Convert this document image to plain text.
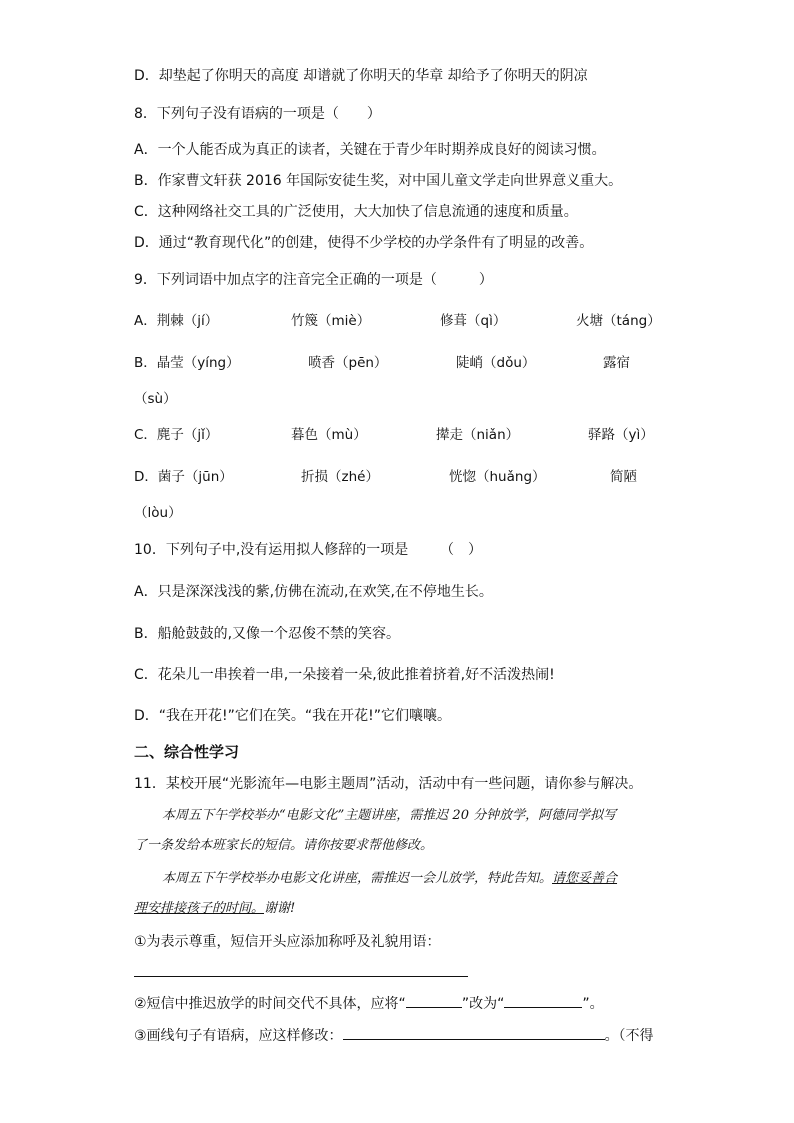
D．却垫起了你明天的高度 却谱就了你明天的华章 却给予了你明天的阴凉
8．下列句子没有语病的一项是（　　）
A．一个人能否成为真正的读者，关键在于青少年时期养成良好的阅读习惯。
B．作家曹文轩获 2016 年国际安徒生奖，对中国儿童文学走向世界意义重大。
C．这种网络社交工具的广泛使用，大大加快了信息流通的速度和质量。
D．通过“教育现代化”的创建，使得不少学校的办学条件有了明显的改善。
9．下列词语中加点字的注音完全正确的一项是（　　　）
A．荆棘（jí）	竹篾（miè）	修葺（qì）	火塘（táng）
B．晶莹（yíng）	喷香（pēn）	陡峭（dǒu）	露宿
（sù）
C．麂子（jǐ）	暮色（mù）	撵走（niǎn）	驿路（yì）
D．菌子（jūn）	折损（zhé）	恍惚（huǎng）	简陋
（lòu）
10．下列句子中,没有运用拟人修辞的一项是 （　）
A．只是深深浅浅的紫,仿佛在流动,在欢笑,在不停地生长。
B．船舱鼓鼓的,又像一个忍俊不禁的笑容。
C．花朵儿一串挨着一串,一朵接着一朵,彼此推着挤着,好不活泼热闹!
D．“我在开花!”它们在笑。“我在开花!”它们嚷嚷。
二、综合性学习
11．某校开展“光影流年—电影主题周”活动，活动中有一些问题，请你参与解决。
本周五下午学校举办“电影文化”主题讲座，需推迟 20 分钟放学，阿德同学拟写
了一条发给本班家长的短信。请你按要求帮他修改。
本周五下午学校举办电影文化讲座，需推迟一会儿放学，特此告知。请您妥善合
理安排接孩子的时间。谢谢!
①为表示尊重，短信开头应添加称呼及礼貌用语：
②短信中推迟放学的时间交代不具体，应将“	”改为“	”。
③画线句子有语病，应这样修改：	。（不得
